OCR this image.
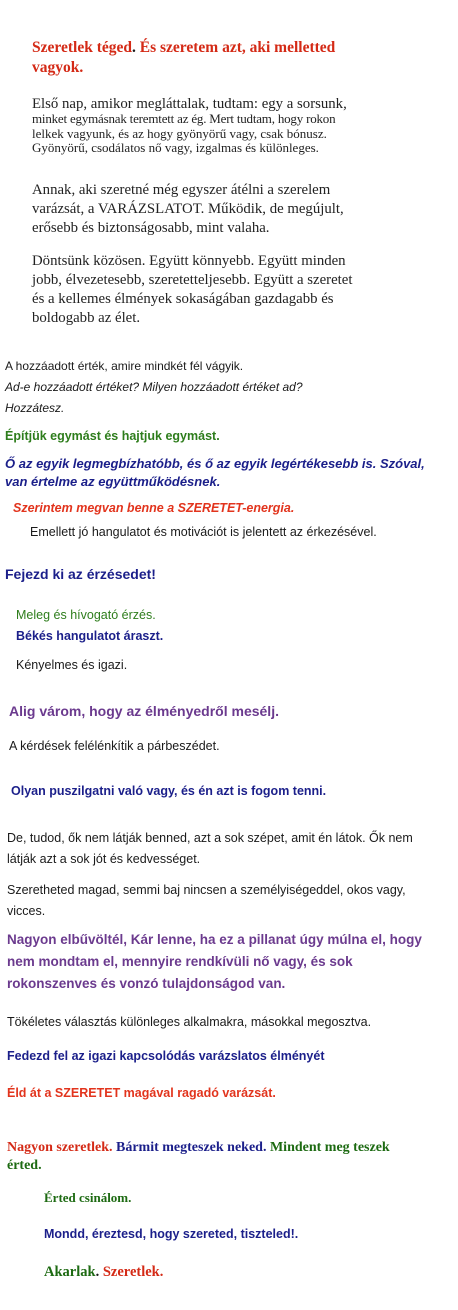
Szeretlek téged. És szeretem azt, aki melletted
vagyok.
Első nap, amikor megláttalak, tudtam: egy a sorsunk,
minket egymásnak teremtett az ég. Mert tudtam, hogy rokon
lelkek vagyunk, és az hogy gyönyörű vagy, csak bónusz.
Gyönyörű, csodálatos nő vagy, izgalmas és különleges.
Annak, aki szeretné még egyszer átélni a szerelem
varázsát, a VARÁZSLATOT. Működik, de megújult,
erősebb és biztonságosabb, mint valaha.
Döntsünk közösen. Együtt könnyebb. Együtt minden
jobb, élvezetesebb, szeretetteljesebb. Együtt a szeretet
és a kellemes élmények sokaságában gazdagabb és
boldogabb az élet.
A hozzáadott érték, amire mindkét fél vágyik.
Ad-e hozzáadott értéket? Milyen hozzáadott értéket ad?
Hozzátesz.
Építjük egymást és hajtjuk egymást.
Ő az egyik legmegbízhatóbb, és ő az egyik legértékesebb is. Szóval,
van értelme az együttműködésnek.
Szerintem megvan benne a SZERETET-energia.
Emellett jó hangulatot és motivációt is jelentett az érkezésével.
Fejezd ki az érzésedet!
Meleg és hívogató érzés.
Békés hangulatot áraszt.
Kényelmes és igazi.
Alig várom, hogy az élményedről mesélj.
A kérdések felélénkítik a párbeszédet.
Olyan puszilgatni való vagy, és én azt is fogom tenni.
De, tudod, ők nem látják benned, azt a sok szépet, amit én látok. Ők nem
látják azt a sok jót és kedvességet.
Szeretheted magad, semmi baj nincsen a személyiségeddel, okos vagy,
vicces.
Nagyon elbűvöltél, Kár lenne, ha ez a pillanat úgy múlna el, hogy
nem mondtam el, mennyire rendkívüli nő vagy, és sok
rokonszenves és vonzó tulajdonságod van.
Tökéletes választás különleges alkalmakra, másokkal megosztva.
Fedezd fel az igazi kapcsolódás varázslatos élményét
Éld át a SZERETET magával ragadó varázsát.
Nagyon szeretlek. Bármit megteszek neked. Mindent meg teszek
érted.
Érted csinálom.
Mondd, éreztesd, hogy szereted, tiszteled!.
Akarlak. Szeretlek.
